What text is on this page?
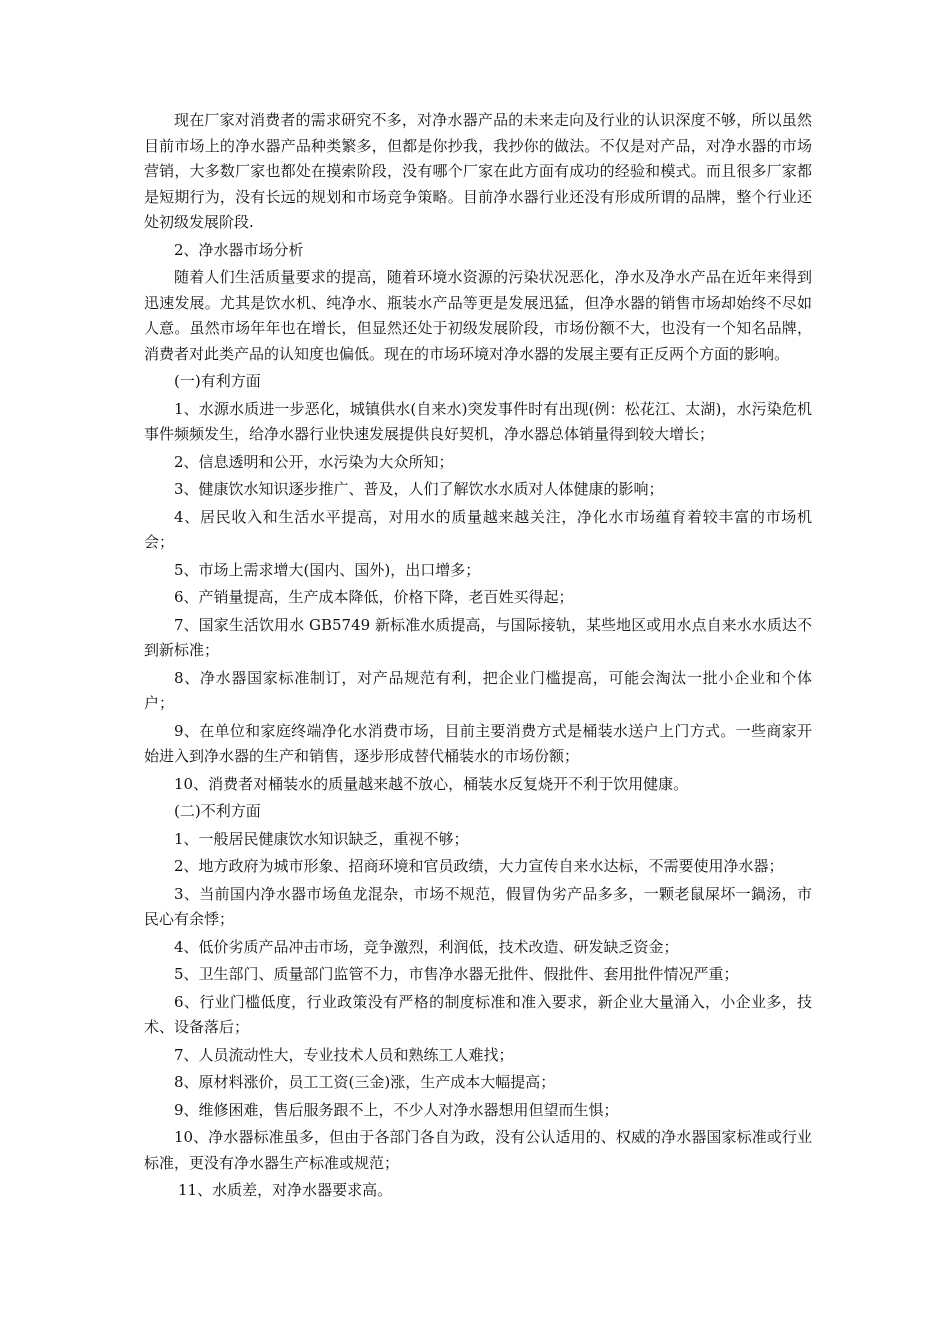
现在厂家对消费者的需求研究不多，对净水器产品的未来走向及行业的认识深度不够，所以虽然目前市场上的净水器产品种类繁多，但都是你抄我，我抄你的做法。不仅是对产品，对净水器的市场营销，大多数厂家也都处在摸索阶段，没有哪个厂家在此方面有成功的经验和模式。而且很多厂家都是短期行为，没有长远的规划和市场竞争策略。目前净水器行业还没有形成所谓的品牌，整个行业还处初级发展阶段.

2、净水器市场分析

随着人们生活质量要求的提高，随着环境水资源的污染状况恶化，净水及净水产品在近年来得到迅速发展。尤其是饮水机、纯净水、瓶装水产品等更是发展迅猛，但净水器的销售市场却始终不尽如人意。虽然市场年年也在增长，但显然还处于初级发展阶段，市场份额不大，也没有一个知名品牌，消费者对此类产品的认知度也偏低。现在的市场环境对净水器的发展主要有正反两个方面的影响。

(一)有利方面

1、水源水质进一步恶化，城镇供水(自来水)突发事件时有出现(例：松花江、太湖)，水污染危机事件频频发生，给净水器行业快速发展提供良好契机，净水器总体销量得到较大增长；

2、信息透明和公开，水污染为大众所知；

3、健康饮水知识逐步推广、普及，人们了解饮水水质对人体健康的影响；

4、居民收入和生活水平提高，对用水的质量越来越关注，净化水市场蕴育着较丰富的市场机会；

5、市场上需求增大(国内、国外)，出口增多；

6、产销量提高，生产成本降低，价格下降，老百姓买得起；

7、国家生活饮用水 GB5749 新标准水质提高，与国际接轨，某些地区或用水点自来水水质达不到新标准；

8、净水器国家标准制订，对产品规范有利，把企业门槛提高，可能会淘汰一批小企业和个体户；

9、在单位和家庭终端净化水消费市场，目前主要消费方式是桶装水送户上门方式。一些商家开始进入到净水器的生产和销售，逐步形成替代桶装水的市场份额；

10、消费者对桶装水的质量越来越不放心，桶装水反复烧开不利于饮用健康。

(二)不利方面

1、一般居民健康饮水知识缺乏，重视不够；

2、地方政府为城市形象、招商环境和官员政绩，大力宣传自来水达标，不需要使用净水器；

3、当前国内净水器市场鱼龙混杂，市场不规范，假冒伪劣产品多多，一颗老鼠屎坏一鍋汤，市民心有余悸；

4、低价劣质产品冲击市场，竞争激烈，利润低，技术改造、研发缺乏资金；

5、卫生部门、质量部门监管不力，市售净水器无批件、假批件、套用批件情况严重；

6、行业门槛低度，行业政策没有严格的制度标准和准入要求，新企业大量涌入，小企业多，技术、设备落后；

7、人员流动性大，专业技术人员和熟练工人难找；

8、原材料涨价，员工工资(三金)涨，生产成本大幅提高；

9、维修困难，售后服务跟不上，不少人对净水器想用但望而生惧；

10、净水器标准虽多，但由于各部门各自为政，没有公认适用的、权威的净水器国家标准或行业标准，更没有净水器生产标准或规范；

11、水质差，对净水器要求高。
